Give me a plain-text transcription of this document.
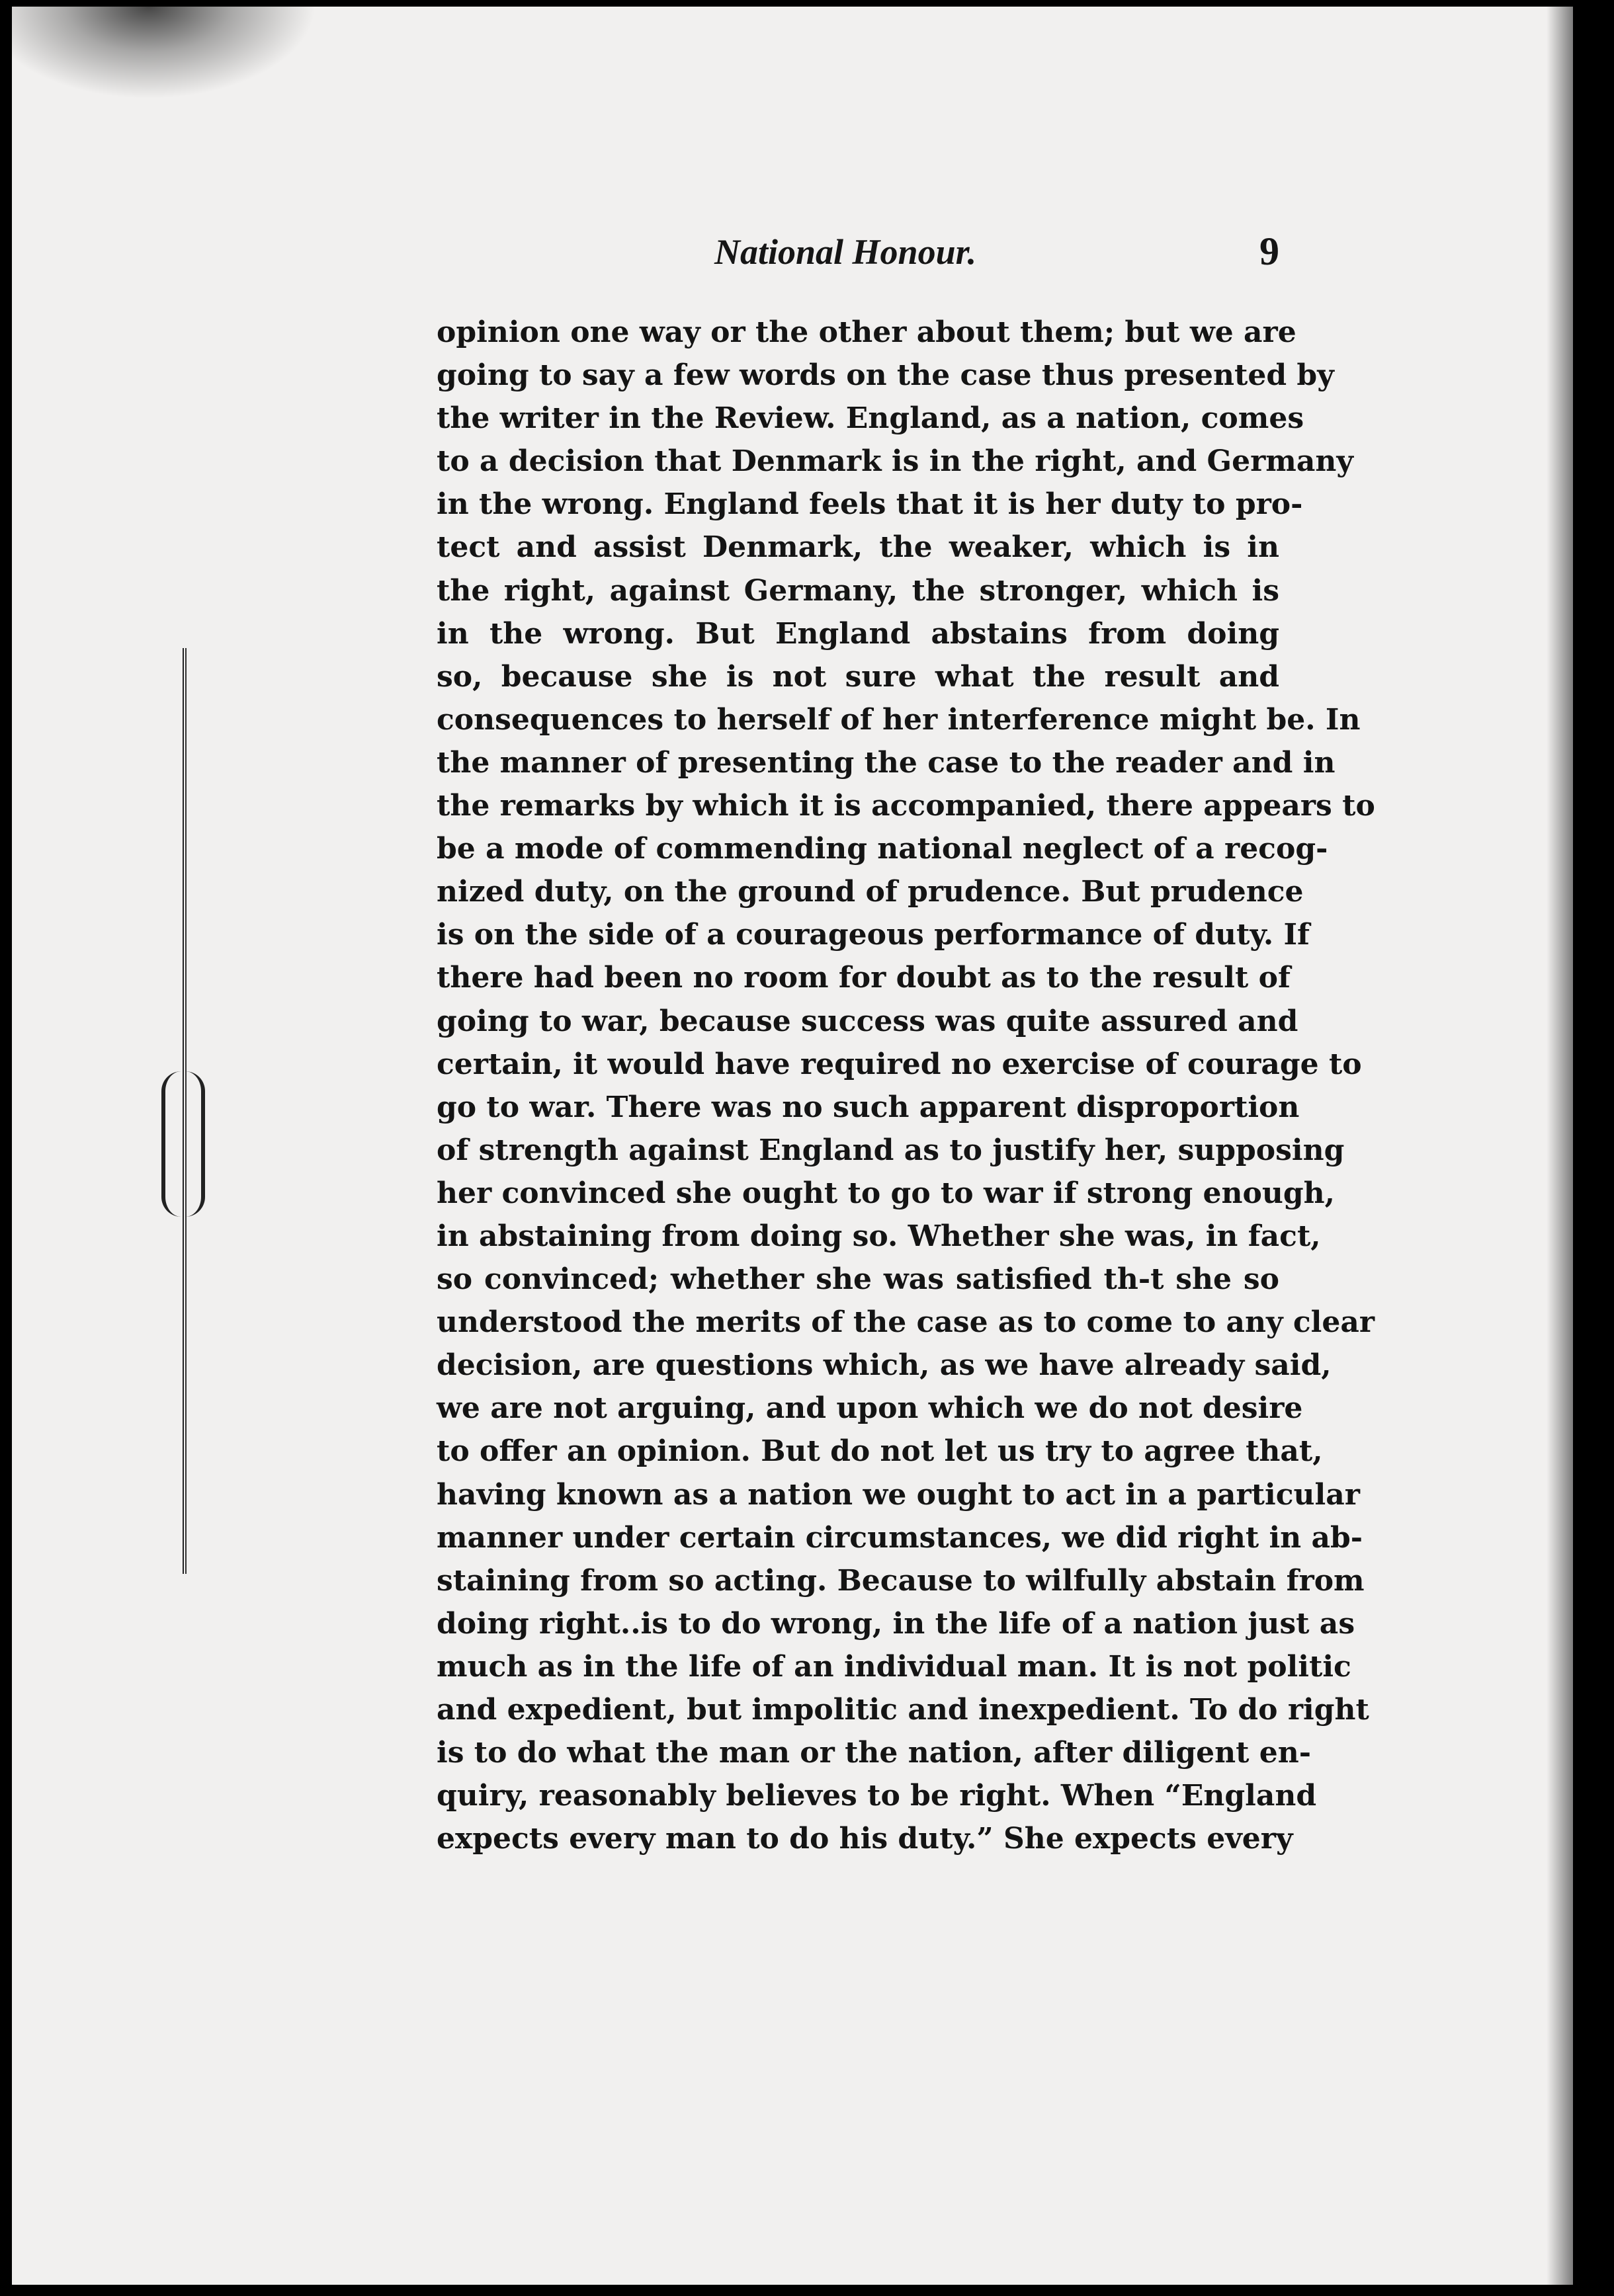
National Honour.	9
opinion one way or the other about them; but we are
going to say a few words on the case thus presented by
the writer in the Review. England, as a nation, comes
to a decision that Denmark is in the right, and Germany
in the wrong. England feels that it is her duty to pro-
tect and assist Denmark, the weaker, which is in
the right, against Germany, the stronger, which is
in the wrong. But England abstains from doing
so, because she is not sure what the result and
consequences to herself of her interference might be. In
the manner of presenting the case to the reader and in
the remarks by which it is accompanied, there appears to
be a mode of commending national neglect of a recog-
nized duty, on the ground of prudence. But prudence
is on the side of a courageous performance of duty. If
there had been no room for doubt as to the result of
going to war, because success was quite assured and
certain, it would have required no exercise of courage to
go to war. There was no such apparent disproportion
of strength against England as to justify her, supposing
her convinced she ought to go to war if strong enough,
in abstaining from doing so. Whether she was, in fact,
so convinced; whether she was satisfied th-t she so
understood the merits of the case as to come to any clear
decision, are questions which, as we have already said,
we are not arguing, and upon which we do not desire
to offer an opinion. But do not let us try to agree that,
having known as a nation we ought to act in a particular
manner under certain circumstances, we did right in ab-
staining from so acting. Because to wilfully abstain from
doing right..is to do wrong, in the life of a nation just as
much as in the life of an individual man. It is not politic
and expedient, but impolitic and inexpedient. To do right
is to do what the man or the nation, after diligent en-
quiry, reasonably believes to be right. When “England
expects every man to do his duty.” She expects every
